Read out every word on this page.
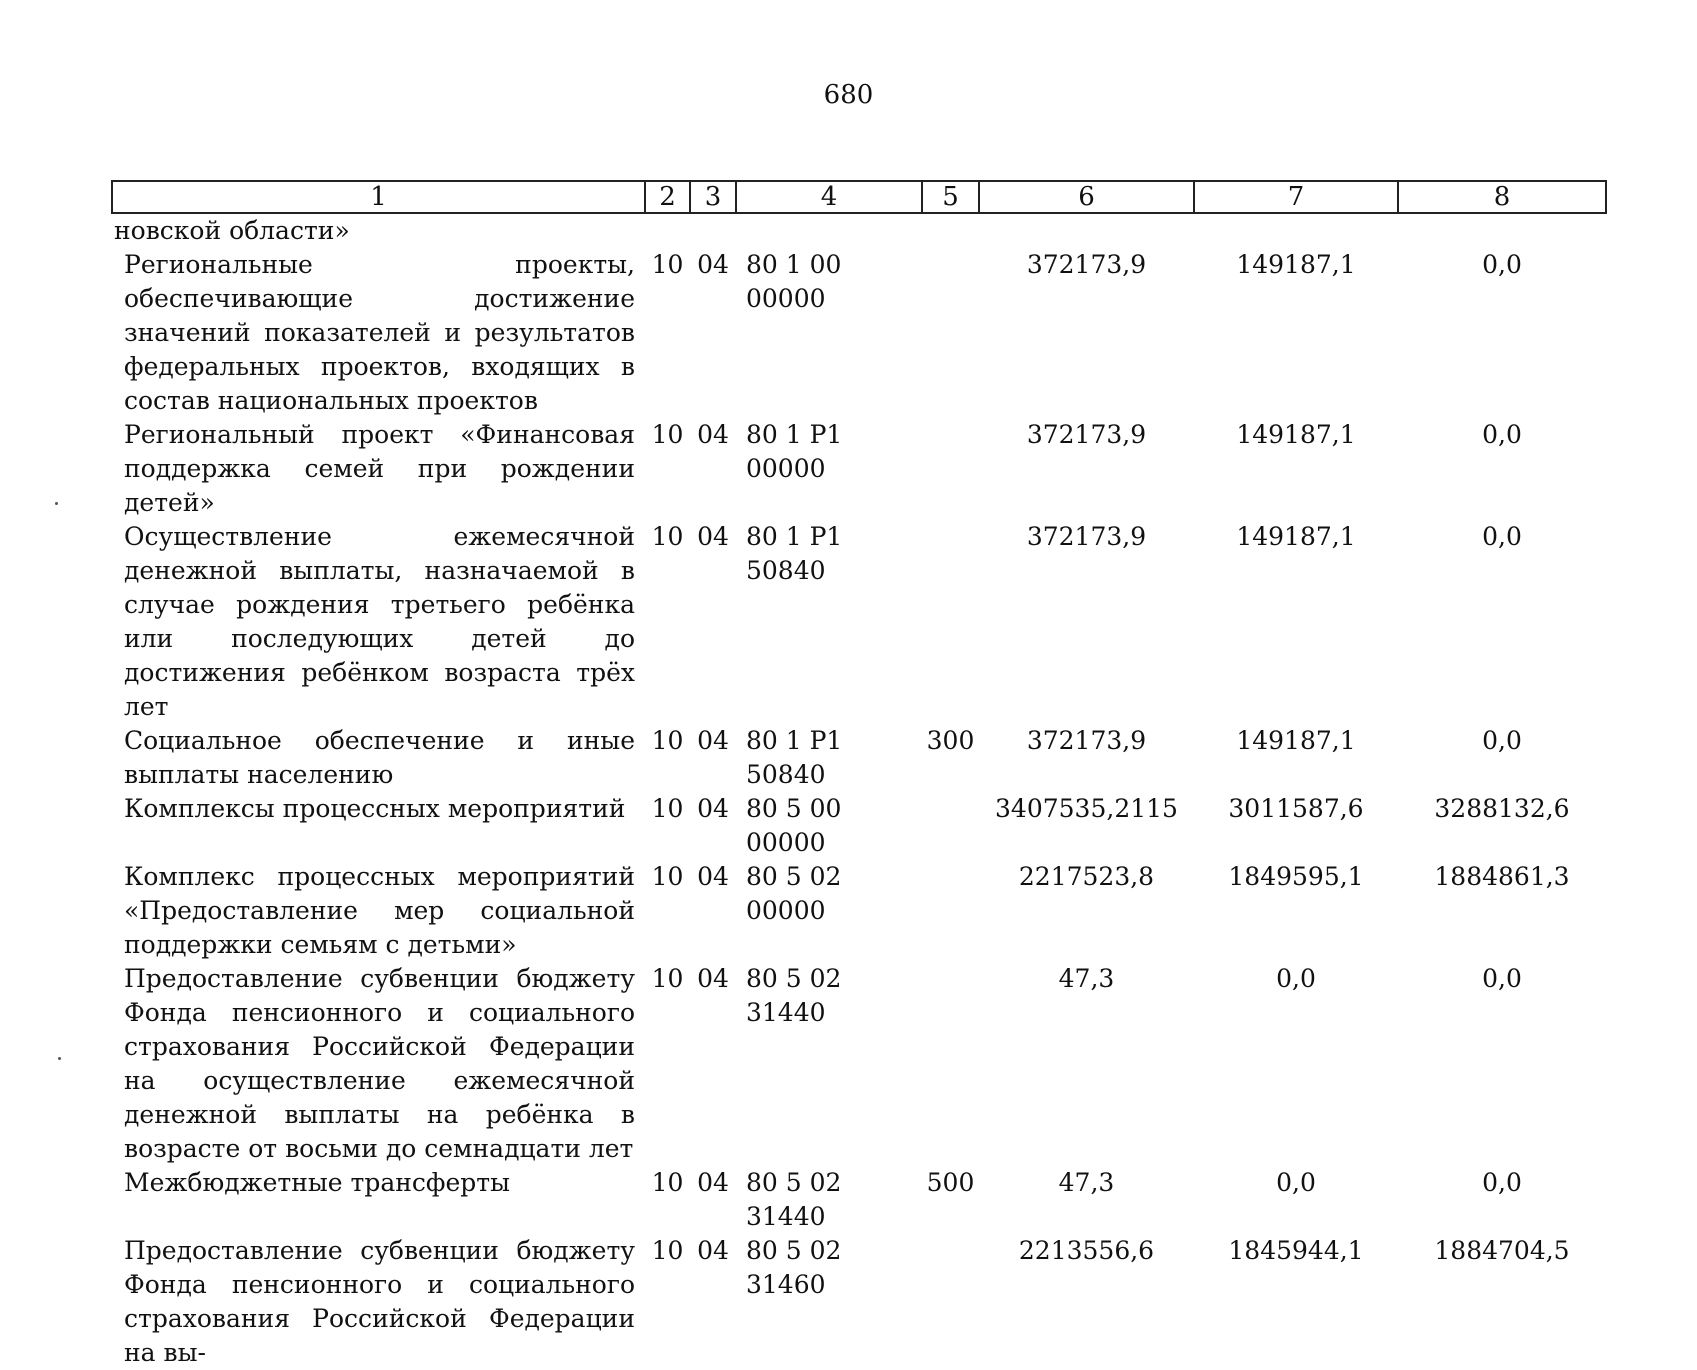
680
1	2	3	4	5	6	7	8
новской области»							
Региональные проекты, обеспечивающие достижение значений показателей и результатов федеральных проектов, входящих в состав национальных проектов	10	04	80 1 00 00000		372173,9	149187,1	0,0
Региональный проект «Финансовая поддержка семей при рождении детей»	10	04	80 1 Р1 00000		372173,9	149187,1	0,0
Осуществление ежемесячной денежной выплаты, назначаемой в случае рождения третьего ребёнка или последующих детей до достижения ребёнком возраста трёх лет	10	04	80 1 Р1 50840		372173,9	149187,1	0,0
Социальное обеспечение и иные выплаты населению	10	04	80 1 Р1 50840	300	372173,9	149187,1	0,0
Комплексы процессных мероприятий	10	04	80 5 00 00000		3407535,2115	3011587,6	3288132,6
Комплекс процессных мероприятий «Предоставление мер социальной поддержки семьям с детьми»	10	04	80 5 02 00000		2217523,8	1849595,1	1884861,3
Предоставление субвенции бюджету Фонда пенсионного и социального страхования Российской Федерации на осуществление ежемесячной денежной выплаты на ребёнка в возрасте от восьми до семнадцати лет	10	04	80 5 02 31440		47,3	0,0	0,0
Межбюджетные трансферты	10	04	80 5 02 31440	500	47,3	0,0	0,0
Предоставление субвенции бюджету Фонда пенсионного и социального страхования Российской Федерации на вы-	10	04	80 5 02 31460		2213556,6	1845944,1	1884704,5
